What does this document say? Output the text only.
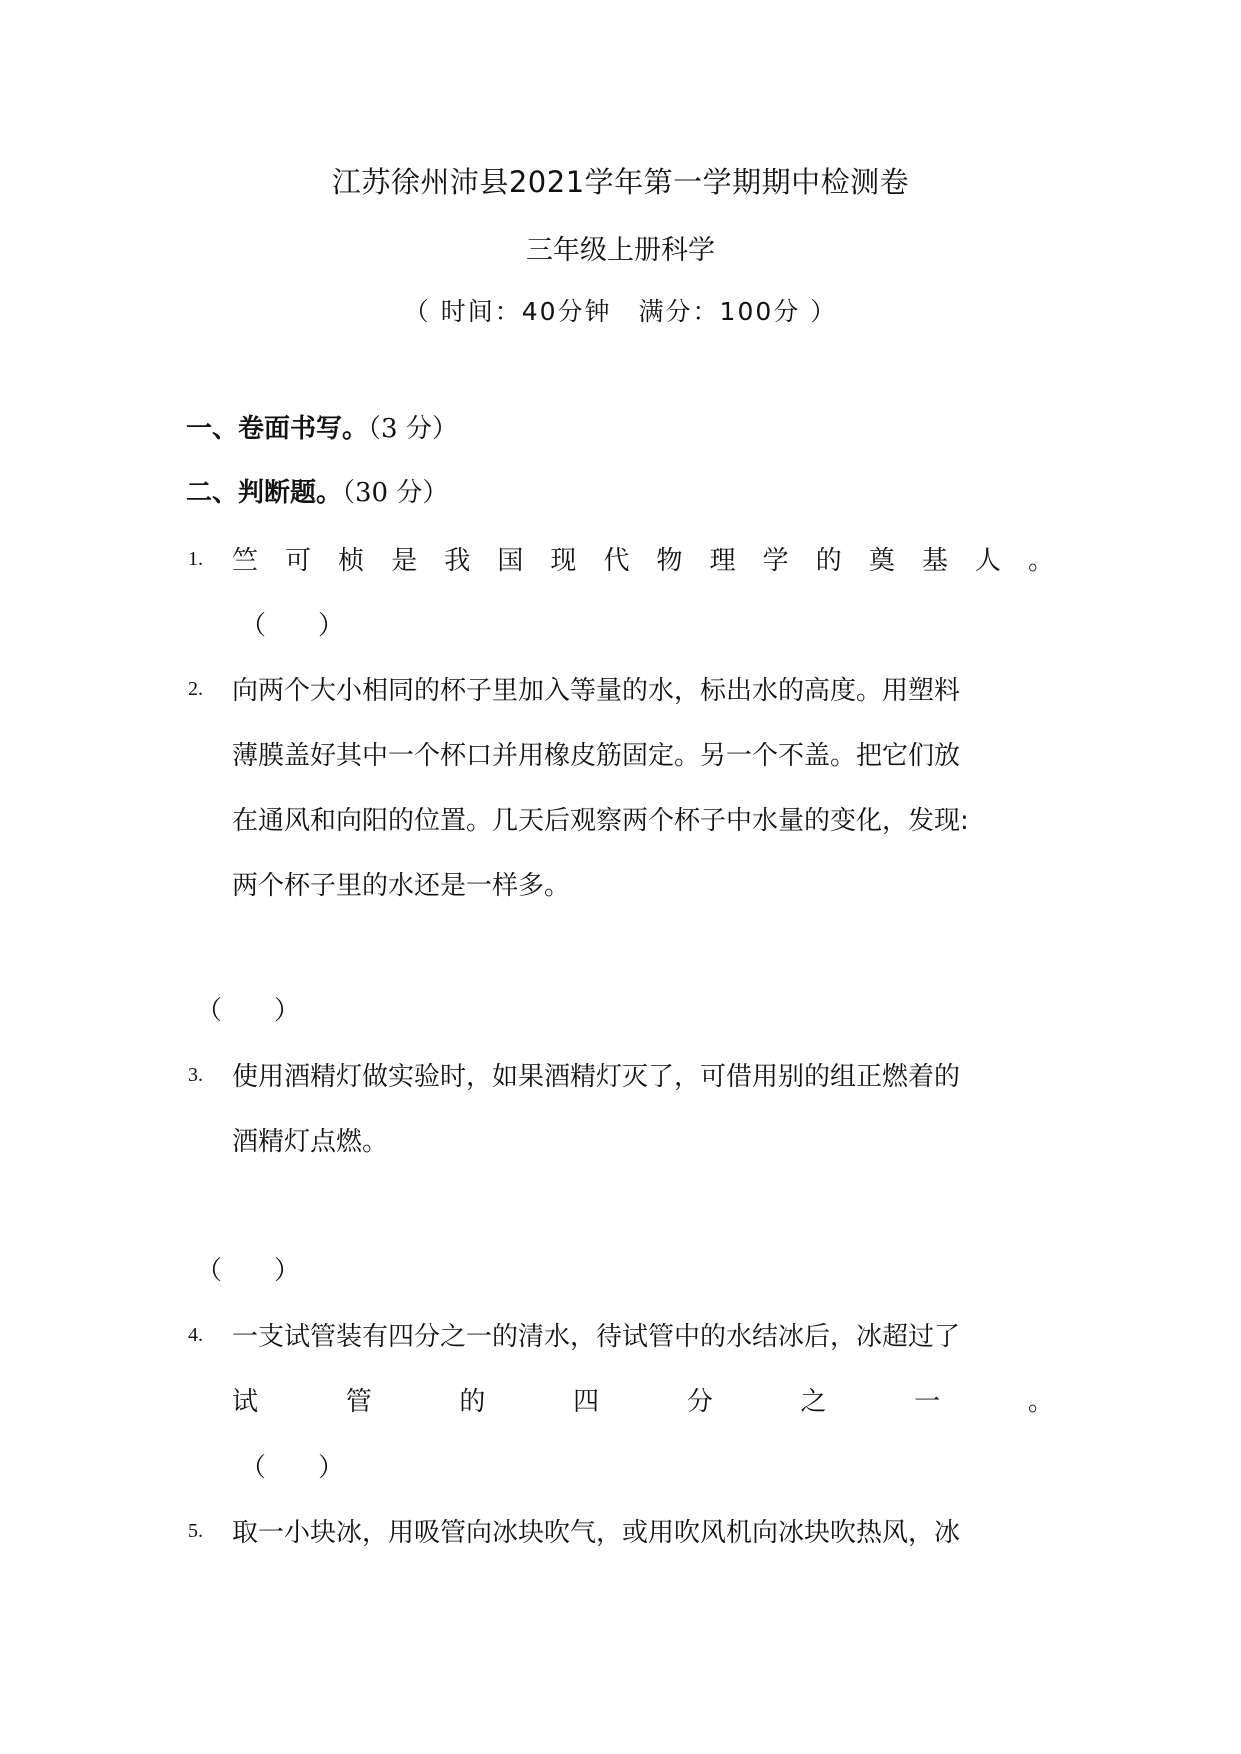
江苏徐州沛县2021学年第一学期期中检测卷
三年级上册科学
（ 时间：40分钟　满分：100分 ）
一、卷面书写。（3 分）
二、判断题。（30 分）
1. 竺 可 桢 是 我 国 现 代 物 理 学 的 奠 基 人 。
（　　）
2. 向两个大小相同的杯子里加入等量的水，标出水的高度。用塑料
薄膜盖好其中一个杯口并用橡皮筋固定。另一个不盖。把它们放
在通风和向阳的位置。几天后观察两个杯子中水量的变化，发现:
两个杯子里的水还是一样多。
（　　）
3. 使用酒精灯做实验时，如果酒精灯灭了，可借用别的组正燃着的
酒精灯点燃。
（　　）
4. 一支试管装有四分之一的清水，待试管中的水结冰后，冰超过了
试	管	的	四	分	之	一	。
（　　）
5. 取一小块冰，用吸管向冰块吹气，或用吹风机向冰块吹热风，冰
